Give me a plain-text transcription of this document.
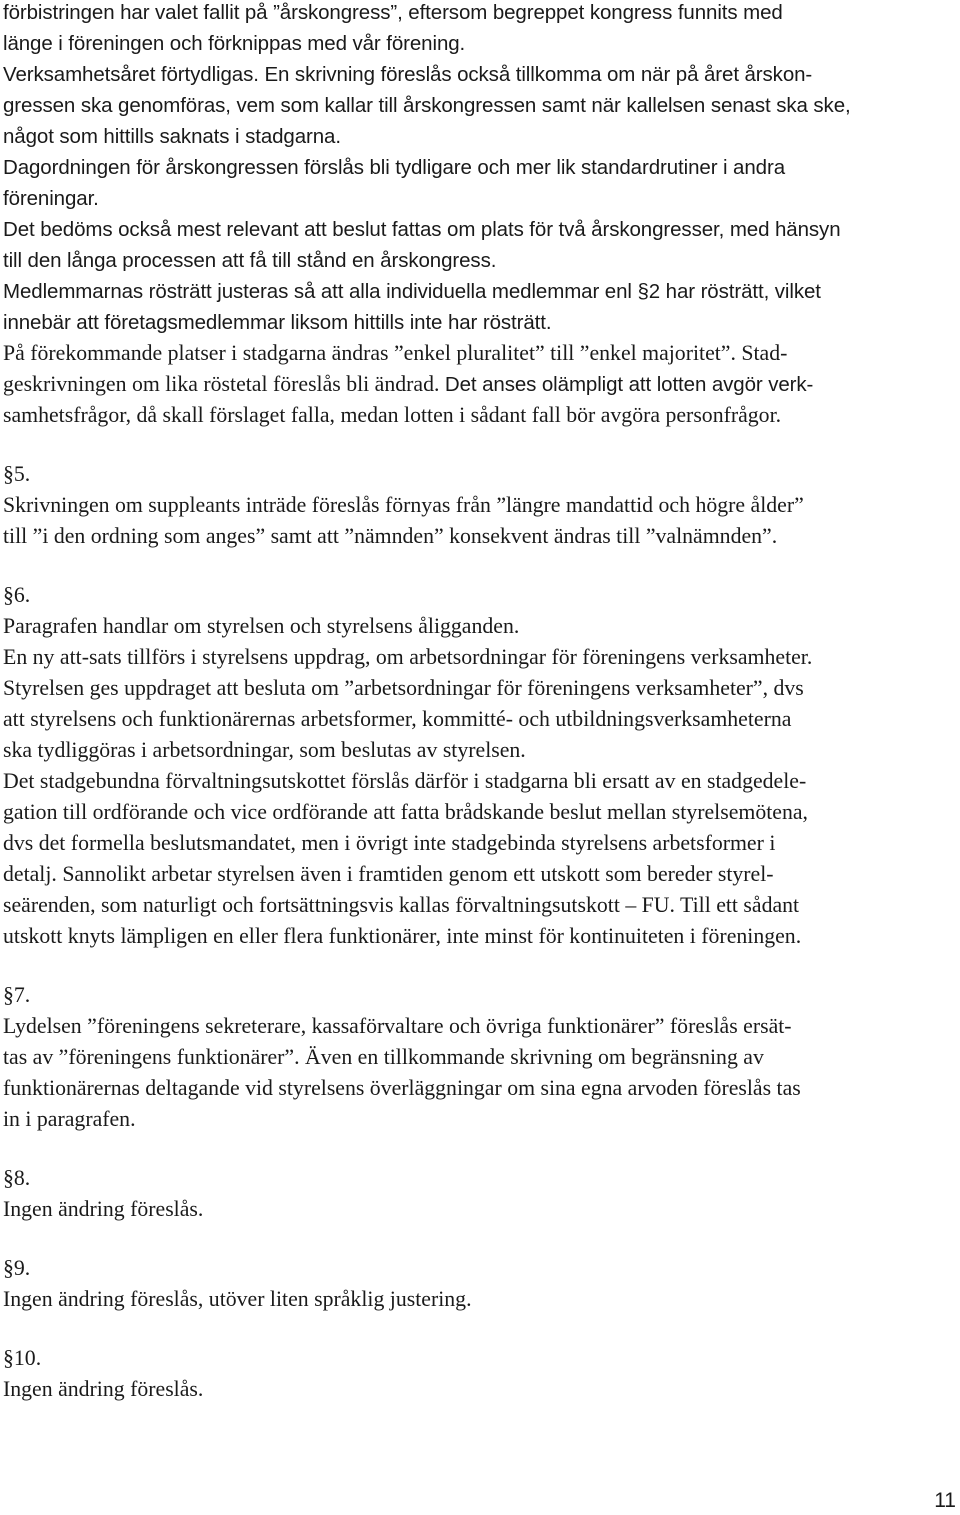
förbistringen har valet fallit på ”årskongress”, eftersom begreppet kongress funnits med
länge i föreningen och förknippas med vår förening.
Verksamhetsåret förtydligas. En skrivning föreslås också tillkomma om när på året årskon-
gressen ska genomföras, vem som kallar till årskongressen samt när kallelsen senast ska ske,
något som hittills saknats i stadgarna.
Dagordningen för årskongressen förslås bli tydligare och mer lik standardrutiner i andra
föreningar.
Det bedöms också mest relevant att beslut fattas om plats för två årskongresser, med hänsyn
till den långa processen att få till stånd en årskongress.
Medlemmarnas rösträtt justeras så att alla individuella medlemmar enl §2 har rösträtt, vilket
innebär att företagsmedlemmar liksom hittills inte har rösträtt.
På förekommande platser i stadgarna ändras ”enkel pluralitet” till ”enkel majoritet”. Stad-
geskrivningen om lika röstetal föreslås bli ändrad. Det anses olämpligt att lotten avgör verk-
samhetsfrågor, då skall förslaget falla, medan lotten i sådant fall bör avgöra personfrågor.
§5.
Skrivningen om suppleants inträde föreslås förnyas från ”längre mandattid och högre ålder”
till ”i den ordning som anges” samt att ”nämnden” konsekvent ändras till ”valnämnden”.
§6.
Paragrafen handlar om styrelsen och styrelsens åligganden.
En ny att-sats tillförs i styrelsens uppdrag, om arbetsordningar för föreningens verksamheter.
Styrelsen ges uppdraget att besluta om ”arbetsordningar för föreningens verksamheter”, dvs
att styrelsens och funktionärernas arbetsformer, kommitté- och utbildningsverksamheterna
ska tydliggöras i arbetsordningar, som beslutas av styrelsen.
Det stadgebundna förvaltningsutskottet förslås därför i stadgarna bli ersatt av en stadgedele-
gation till ordförande och vice ordförande att fatta brådskande beslut mellan styrelsemötena,
dvs det formella beslutsmandatet, men i övrigt inte stadgebinda styrelsens arbetsformer i
detalj. Sannolikt arbetar styrelsen även i framtiden genom ett utskott som bereder styrel-
seärenden, som naturligt och fortsättningsvis kallas förvaltningsutskott – FU. Till ett sådant
utskott knyts lämpligen en eller flera funktionärer, inte minst för kontinuiteten i föreningen.
§7.
Lydelsen ”föreningens sekreterare, kassaförvaltare och övriga funktionärer” föreslås ersät-
tas av ”föreningens funktionärer”. Även en tillkommande skrivning om begränsning av
funktionärernas deltagande vid styrelsens överläggningar om sina egna arvoden föreslås tas
in i paragrafen.
§8.
Ingen ändring föreslås.
§9.
Ingen ändring föreslås, utöver liten språklig justering.
§10.
Ingen ändring föreslås.
11
